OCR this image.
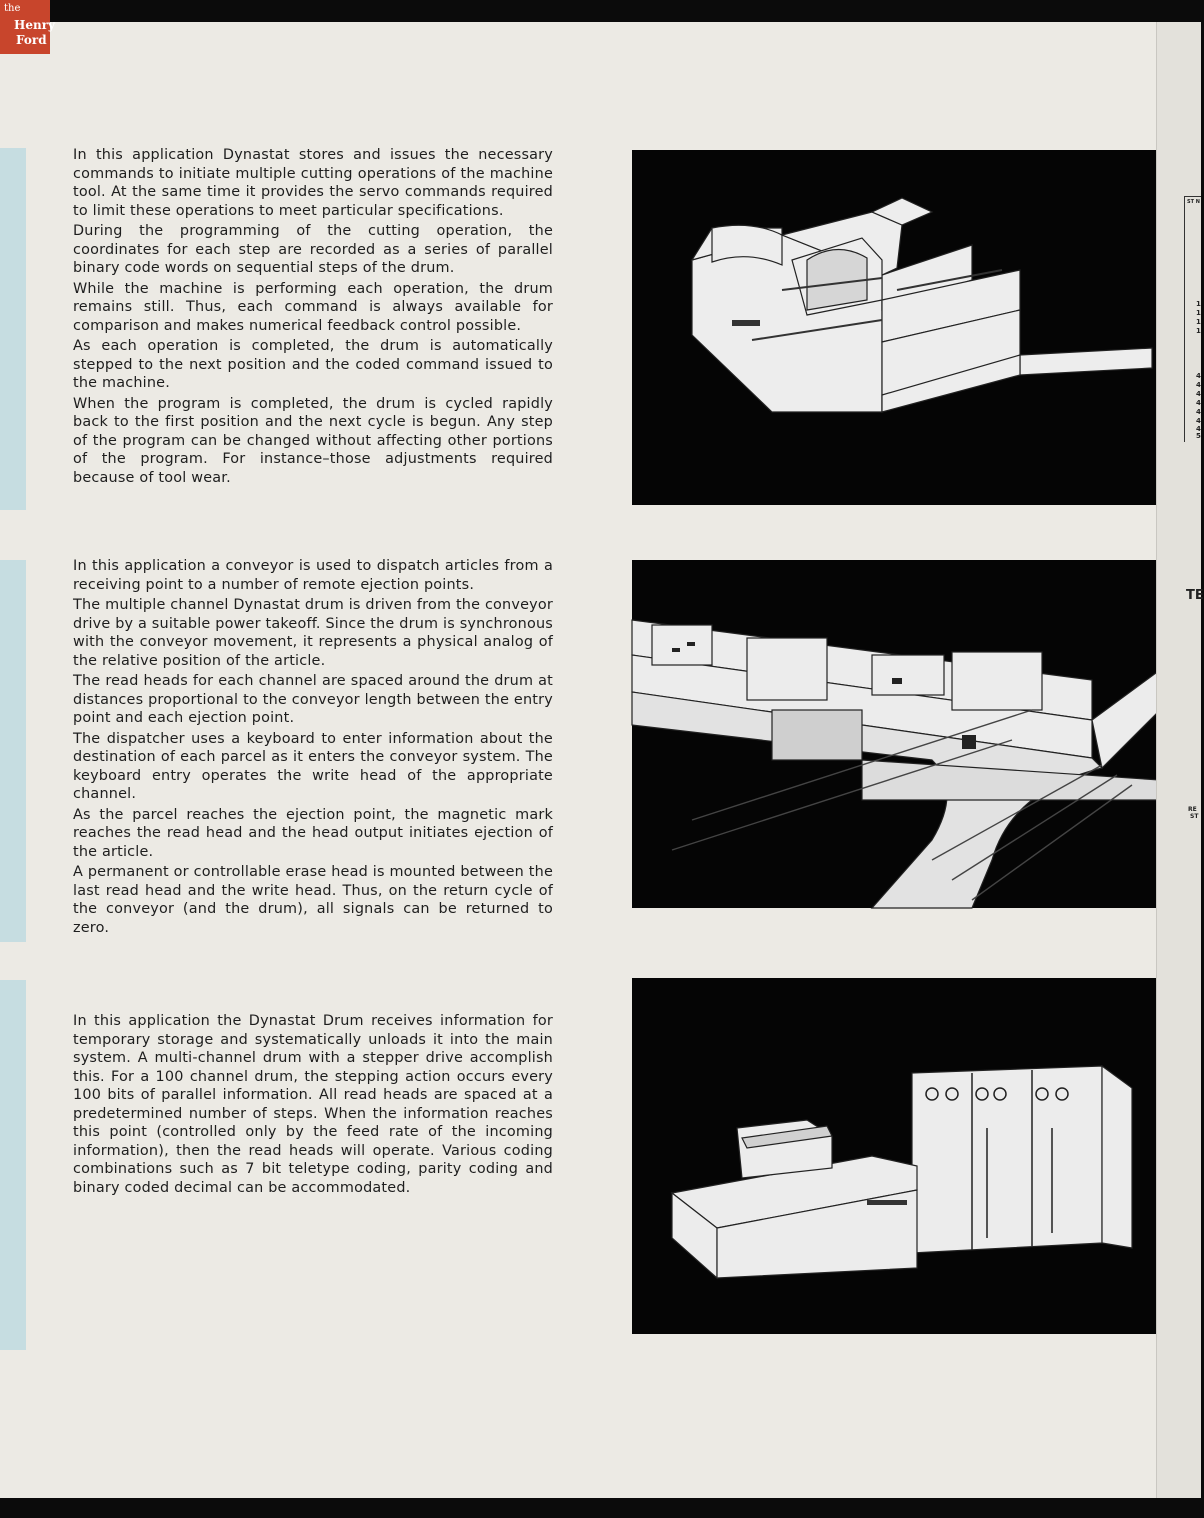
the
Henry
Ford

In this application Dynastat stores and issues the necessary commands to initiate multiple cutting operations of the machine tool. At the same time it provides the servo commands required to limit these operations to meet particular specifications.

During the programming of the cutting operation, the coordinates for each step are recorded as a series of parallel binary code words on sequential steps of the drum.

While the machine is performing each operation, the drum remains still. Thus, each command is always available for comparison and makes numerical feedback control possible.

As each operation is completed, the drum is automatically stepped to the next position and the coded command issued to the machine.

When the program is completed, the drum is cycled rapidly back to the first position and the next cycle is begun. Any step of the program can be changed without affecting other portions of the program. For instance–those adjustments required because of tool wear.

In this application a conveyor is used to dispatch articles from a receiving point to a number of remote ejection points.

The multiple channel Dynastat drum is driven from the conveyor drive by a suitable power takeoff. Since the drum is synchronous with the conveyor movement, it represents a physical analog of the relative position of the article.

The read heads for each channel are spaced around the drum at distances proportional to the conveyor length between the entry point and each ejection point.

The dispatcher uses a keyboard to enter information about the destination of each parcel as it enters the conveyor system. The keyboard entry operates the write head of the appropriate channel.

As the parcel reaches the ejection point, the magnetic mark reaches the read head and the head output initiates ejection of the article.

A permanent or controllable erase head is mounted between the last read head and the write head. Thus, on the return cycle of the conveyor (and the drum), all signals can be returned to zero.

In this application the Dynastat Drum receives information for temporary storage and systematically unloads it into the main system. A multi-channel drum with a stepper drive accomplish this. For a 100 channel drum, the stepping action occurs every 100 bits of parallel information. All read heads are spaced at a predetermined number of steps. When the information reaches this point (controlled only by the feed rate of the incoming information), then the read heads will operate. Various coding combinations such as 7 bit teletype coding, parity coding and binary coded decimal can be accommodated.

ST N
1
1
1
1
4
4
4
4
4
4
4
5
TE
RE
ST
